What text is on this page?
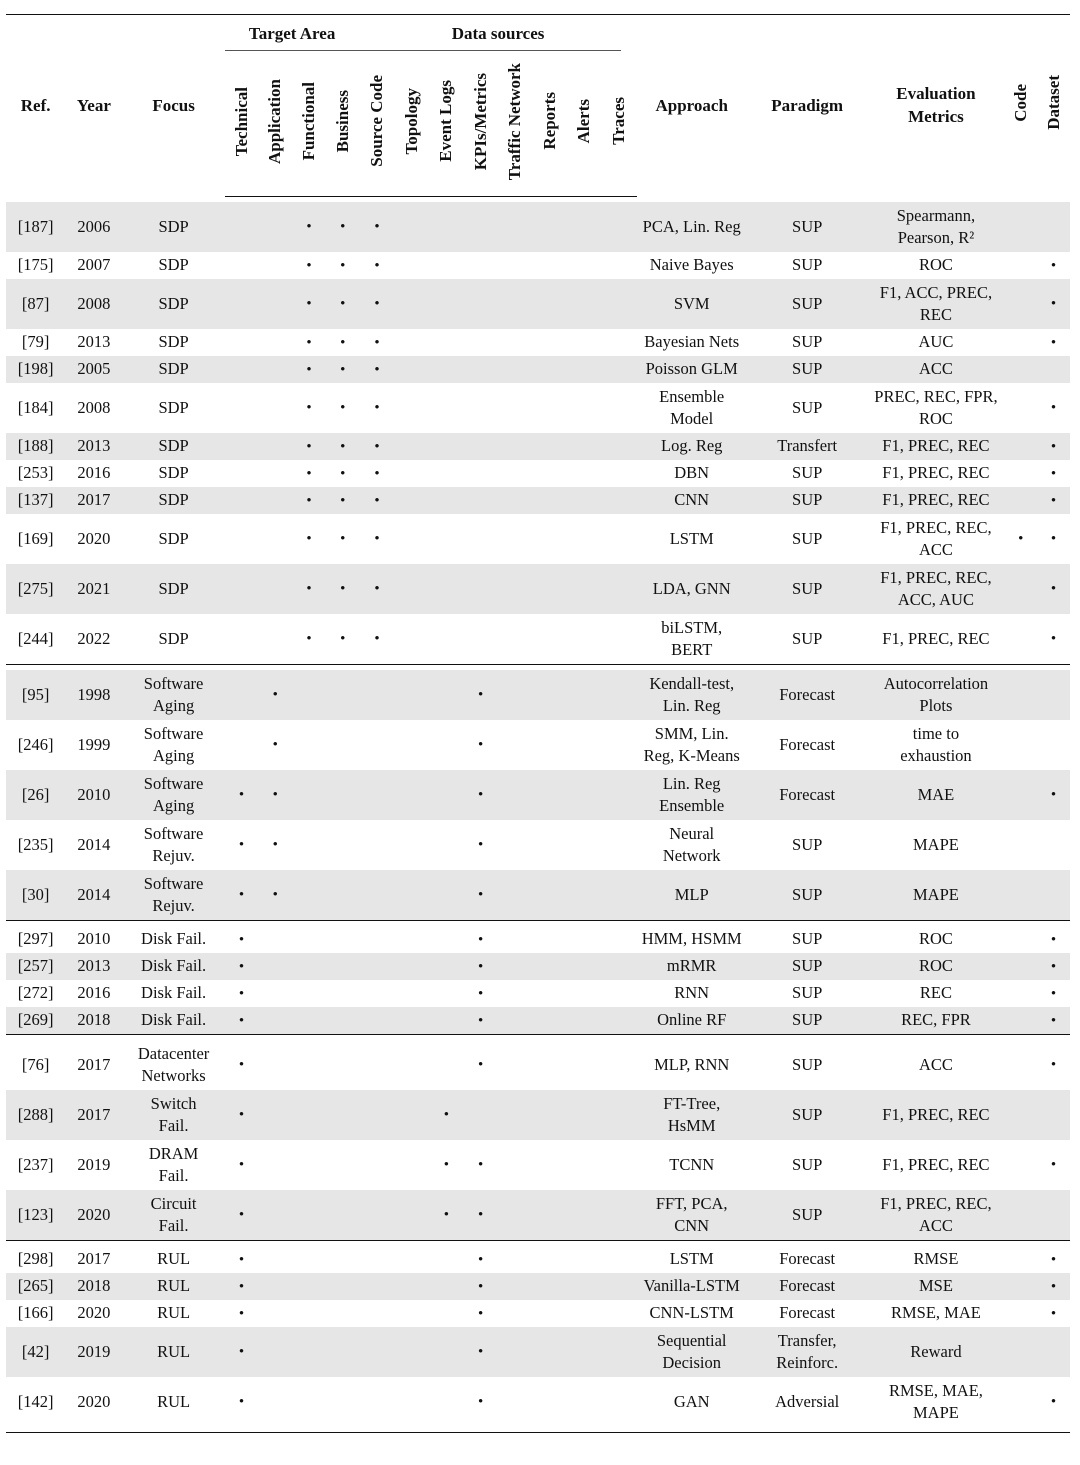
Ref.	Year	Focus	Target Area				Data sources								Approach	Paradigm	Evaluation
Metrics	Code	Dataset
			Technical	Application	Functional	Business	Source Code	Topology	Event Logs	KPIs/Metrics	Traffic Network	Reports	Alerts	Traces					

[187]	2006	SDP			•	•	•								PCA, Lin. Reg	SUP	Spearmann,
Pearson, R²		
[175]	2007	SDP			•	•	•								Naive Bayes	SUP	ROC		•
[87]	2008	SDP			•	•	•								SVM	SUP	F1, ACC, PREC,
REC		•
[79]	2013	SDP			•	•	•								Bayesian Nets	SUP	AUC		•
[198]	2005	SDP			•	•	•								Poisson GLM	SUP	ACC		
[184]	2008	SDP			•	•	•								Ensemble
Model	SUP	PREC, REC, FPR,
ROC		•
[188]	2013	SDP			•	•	•								Log. Reg	Transfert	F1, PREC, REC		•
[253]	2016	SDP			•	•	•								DBN	SUP	F1, PREC, REC		•
[137]	2017	SDP			•	•	•								CNN	SUP	F1, PREC, REC		•
[169]	2020	SDP			•	•	•								LSTM	SUP	F1, PREC, REC,
ACC	•	•
[275]	2021	SDP			•	•	•								LDA, GNN	SUP	F1, PREC, REC,
ACC, AUC		•
[244]	2022	SDP			•	•	•								biLSTM,
BERT	SUP	F1, PREC, REC		•

[95]	1998	Software
Aging		•						•					Kendall-test,
Lin. Reg	Forecast	Autocorrelation
Plots		
[246]	1999	Software
Aging		•						•					SMM, Lin.
Reg, K-Means	Forecast	time to
exhaustion		
[26]	2010	Software
Aging	•	•						•					Lin. Reg
Ensemble	Forecast	MAE		•
[235]	2014	Software
Rejuv.	•	•						•					Neural
Network	SUP	MAPE		
[30]	2014	Software
Rejuv.	•	•						•					MLP	SUP	MAPE		

[297]	2010	Disk Fail.	•							•					HMM, HSMM	SUP	ROC		•
[257]	2013	Disk Fail.	•							•					mRMR	SUP	ROC		•
[272]	2016	Disk Fail.	•							•					RNN	SUP	REC		•
[269]	2018	Disk Fail.	•							•					Online RF	SUP	REC, FPR		•

[76]	2017	Datacenter
Networks	•							•					MLP, RNN	SUP	ACC		•
[288]	2017	Switch
Fail.	•						•						FT-Tree,
HsMM	SUP	F1, PREC, REC		
[237]	2019	DRAM
Fail.	•						•	•					TCNN	SUP	F1, PREC, REC		•
[123]	2020	Circuit
Fail.	•						•	•					FFT, PCA,
CNN	SUP	F1, PREC, REC,
ACC		

[298]	2017	RUL	•							•					LSTM	Forecast	RMSE		•
[265]	2018	RUL	•							•					Vanilla-LSTM	Forecast	MSE		•
[166]	2020	RUL	•							•					CNN-LSTM	Forecast	RMSE, MAE		•
[42]	2019	RUL	•							•					Sequential
Decision	Transfer,
Reinforc.	Reward		
[142]	2020	RUL	•							•					GAN	Adversial	RMSE, MAE,
MAPE		•
